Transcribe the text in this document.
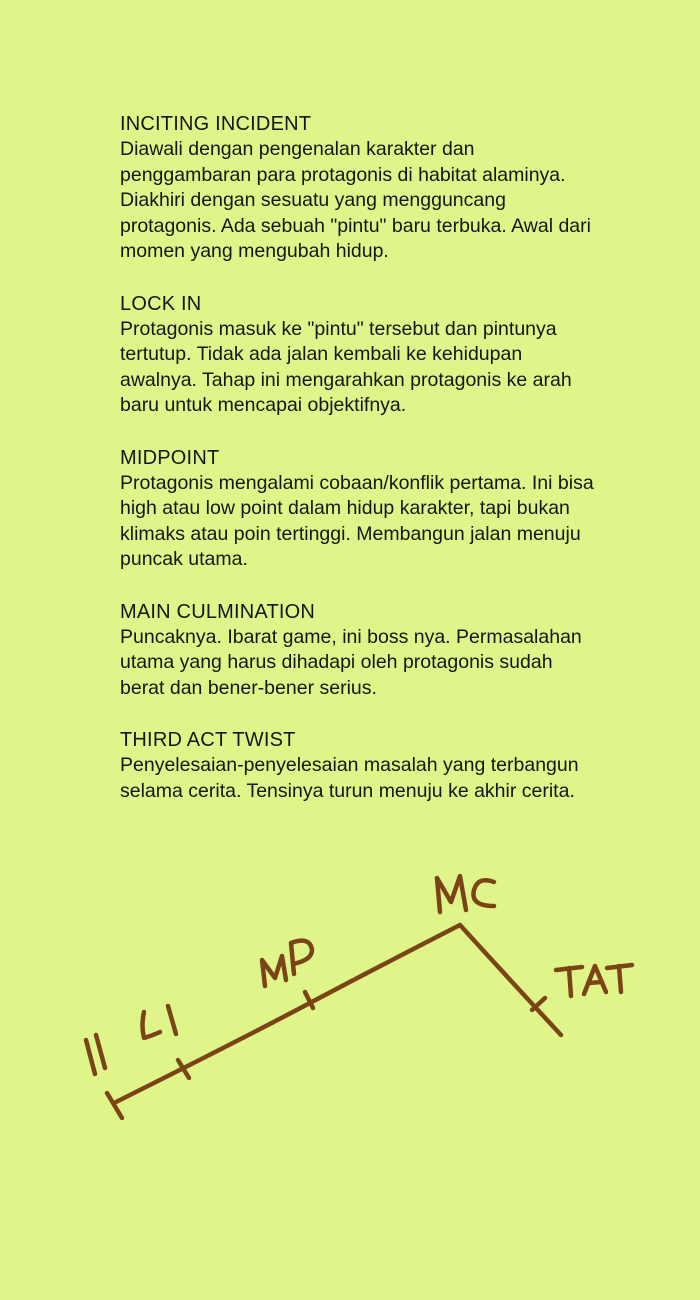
INCITING INCIDENT

Diawali dengan pengenalan karakter dan
penggambaran para protagonis di habitat alaminya.
Diakhiri dengan sesuatu yang mengguncang
protagonis. Ada sebuah "pintu" baru terbuka. Awal dari
momen yang mengubah hidup.

LOCK IN

Protagonis masuk ke "pintu" tersebut dan pintunya
tertutup. Tidak ada jalan kembali ke kehidupan
awalnya. Tahap ini mengarahkan protagonis ke arah
baru untuk mencapai objektifnya.

MIDPOINT

Protagonis mengalami cobaan/konflik pertama. Ini bisa
high atau low point dalam hidup karakter, tapi bukan
klimaks atau poin tertinggi. Membangun jalan menuju
puncak utama.

MAIN CULMINATION

Puncaknya. Ibarat game, ini boss nya. Permasalahan
utama yang harus dihadapi oleh protagonis sudah
berat dan bener-bener serius.

THIRD ACT TWIST

Penyelesaian-penyelesaian masalah yang terbangun
selama cerita. Tensinya turun menuju ke akhir cerita.
